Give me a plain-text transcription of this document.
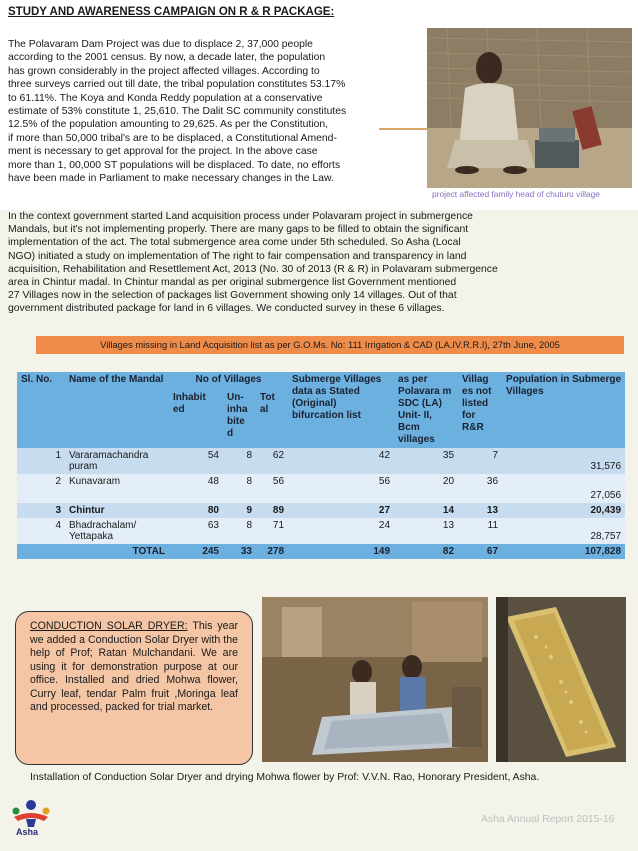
STUDY AND AWARENESS CAMPAIGN ON R & R PACKAGE:
The Polavaram Dam Project was due to displace 2, 37,000 people
according to the 2001 census. By now, a decade later, the population
has grown considerably in the project affected villages. According to
three surveys carried out till date, the tribal population constitutes 53.17%
to 61.11%. The Koya and Konda Reddy population at a conservative
estimate of 53% constitute 1, 25,610. The Dalit SC community constitutes
12.5% of the population amounting to 29,625. As per the Constitution,
if more than 50,000 tribal's are to be displaced, a Constitutional Amend-
ment is necessary to get approval for the project. In the above case
more than 1, 00,000 ST populations will be displaced. To date, no efforts
have been made in Parliament to make necessary changes in the Law.
project affected family head of chuturu village
In the context government started Land acquisition process under Polavaram project in submergence
Mandals, but it's not implementing properly. There are many gaps to be filled to obtain the significant
implementation of the act. The total submergence area come under 5th scheduled. So Asha (Local
NGO) initiated a study on implementation of The right to fair compensation and transparency in land
acquisition, Rehabilitation and Resettlement Act, 2013 (No. 30 of 2013 (R & R) in Polavaram submergence
area in Chintur madal. In Chintur mandal as per original submergence list Government mentioned
27 Villages now in the selection of packages list Government showing only 14 villages. Out of that
government distributed package for land in 6 villages. We conducted survey in these 6 villages.
Villages missing in Land Acquisition list as per G.O.Ms. No: 111 Irrigation & CAD (LA.IV.R.R.I), 27th June, 2005
Sl. No.	Name of the Mandal	No of Villages			Submerge Villages data as Stated (Original) bifurcation list	as per Polavara m SDC (LA) Unit- II, Bcm villages	Villag es not listed for R&R	Population in Submerge Villages
		Inhabit ed	Un- inha bite d	Tot al				
1	Vararamachandra puram	54	8	62	42	35	7	31,576
2	Kunavaram	48	8	56	56	20	36	27,056
3	Chintur	80	9	89	27	14	13	20,439
4	Bhadrachalam/ Yettapaka	63	8	71	24	13	11	28,757
TOTAL		245	33	278	149	82	67	107,828
CONDUCTION SOLAR DRYER: This year we added a Conduction Solar Dryer with the help of Prof; Ratan Mulchandani. We are using it for demonstration purpose at our office. Installed and dried Mohwa flower, Curry leaf, tendar Palm fruit ,Moringa leaf and processed, packed for trial market.
Installation of Conduction Solar Dryer and drying Mohwa flower by Prof: V.V.N. Rao, Honorary President, Asha.
Asha
Asha Annual Report 2015-16
